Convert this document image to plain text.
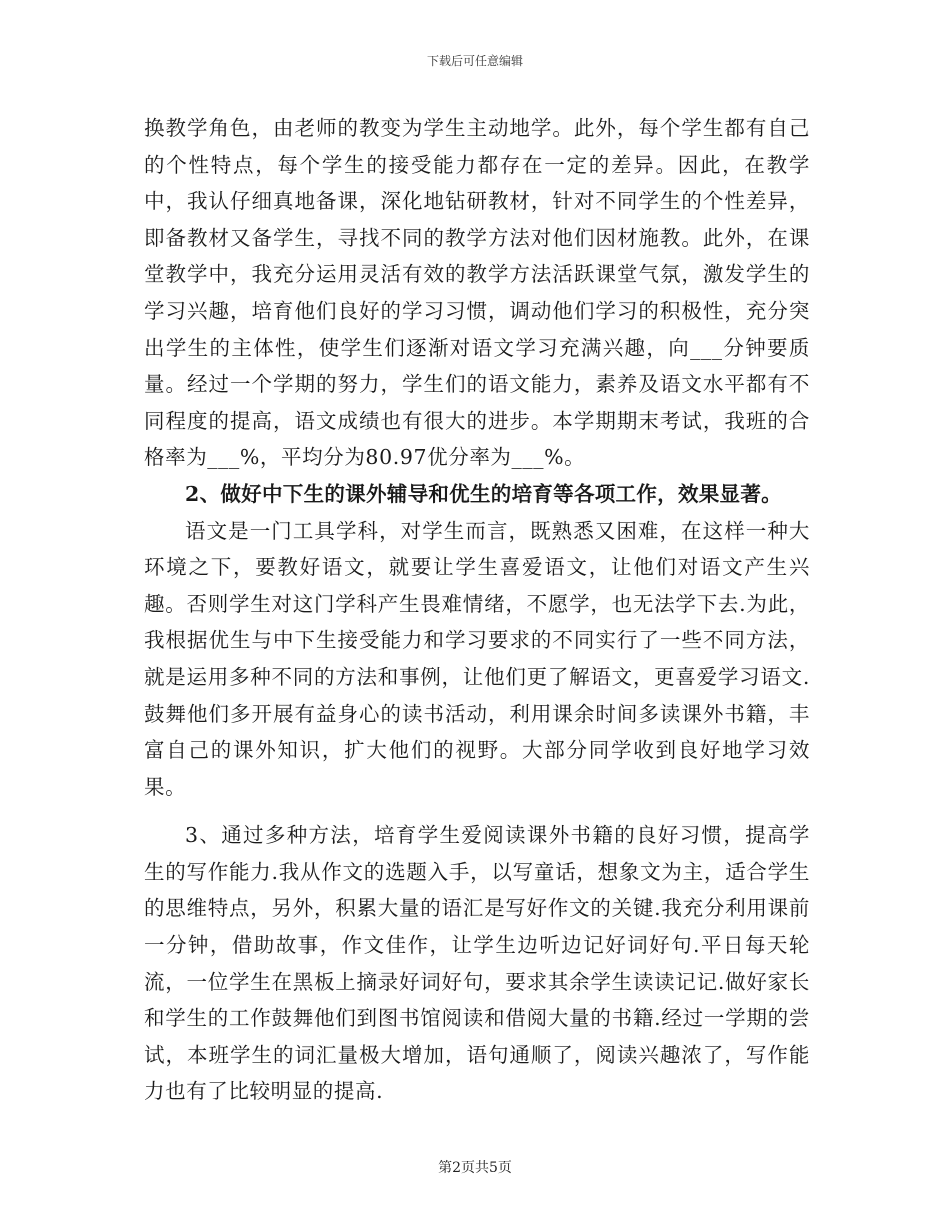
下载后可任意编辑

换教学角色，由老师的教变为学生主动地学。此外，每个学生都有自己的个性特点，每个学生的接受能力都存在一定的差异。因此，在教学中，我认仔细真地备课，深化地钻研教材，针对不同学生的个性差异，即备教材又备学生，寻找不同的教学方法对他们因材施教。此外，在课堂教学中，我充分运用灵活有效的教学方法活跃课堂气氛，激发学生的学习兴趣，培育他们良好的学习习惯，调动他们学习的积极性，充分突出学生的主体性，使学生们逐渐对语文学习充满兴趣，向___分钟要质量。经过一个学期的努力，学生们的语文能力，素养及语文水平都有不同程度的提高，语文成绩也有很大的进步。本学期期末考试，我班的合格率为___%，平均分为80.97优分率为___%。

2、做好中下生的课外辅导和优生的培育等各项工作，效果显著。

语文是一门工具学科，对学生而言，既熟悉又困难，在这样一种大环境之下，要教好语文，就要让学生喜爱语文，让他们对语文产生兴趣。否则学生对这门学科产生畏难情绪，不愿学，也无法学下去.为此，我根据优生与中下生接受能力和学习要求的不同实行了一些不同方法，就是运用多种不同的方法和事例，让他们更了解语文，更喜爱学习语文.鼓舞他们多开展有益身心的读书活动，利用课余时间多读课外书籍，丰富自己的课外知识，扩大他们的视野。大部分同学收到良好地学习效果。

3、通过多种方法，培育学生爱阅读课外书籍的良好习惯，提高学生的写作能力.我从作文的选题入手，以写童话，想象文为主，适合学生的思维特点，另外，积累大量的语汇是写好作文的关键.我充分利用课前一分钟，借助故事，作文佳作，让学生边听边记好词好句.平日每天轮流，一位学生在黑板上摘录好词好句，要求其余学生读读记记.做好家长和学生的工作鼓舞他们到图书馆阅读和借阅大量的书籍.经过一学期的尝试，本班学生的词汇量极大增加，语句通顺了，阅读兴趣浓了，写作能力也有了比较明显的提高.

第2页共5页
